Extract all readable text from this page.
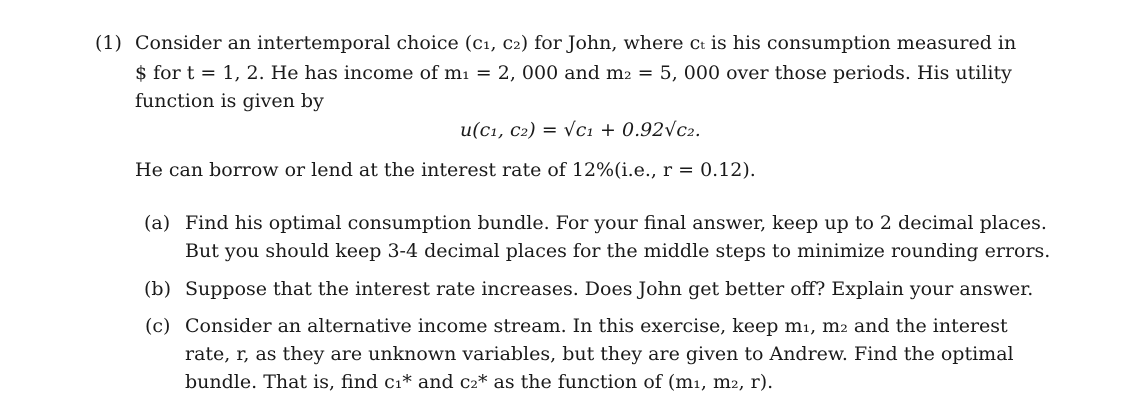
(1) Consider an intertemporal choice (c₁, c₂) for John, where cₜ is his consumption measured in
$ for t = 1, 2. He has income of m₁ = 2, 000 and m₂ = 5, 000 over those periods. His utility
function is given by
u(c₁, c₂) = √c₁ + 0.92√c₂.
He can borrow or lend at the interest rate of 12%(i.e., r = 0.12).
(a) Find his optimal consumption bundle. For your final answer, keep up to 2 decimal places.
But you should keep 3-4 decimal places for the middle steps to minimize rounding errors.
(b) Suppose that the interest rate increases. Does John get better off? Explain your answer.
(c) Consider an alternative income stream. In this exercise, keep m₁, m₂ and the interest
rate, r, as they are unknown variables, but they are given to Andrew. Find the optimal
bundle. That is, find c₁* and c₂* as the function of (m₁, m₂, r).
